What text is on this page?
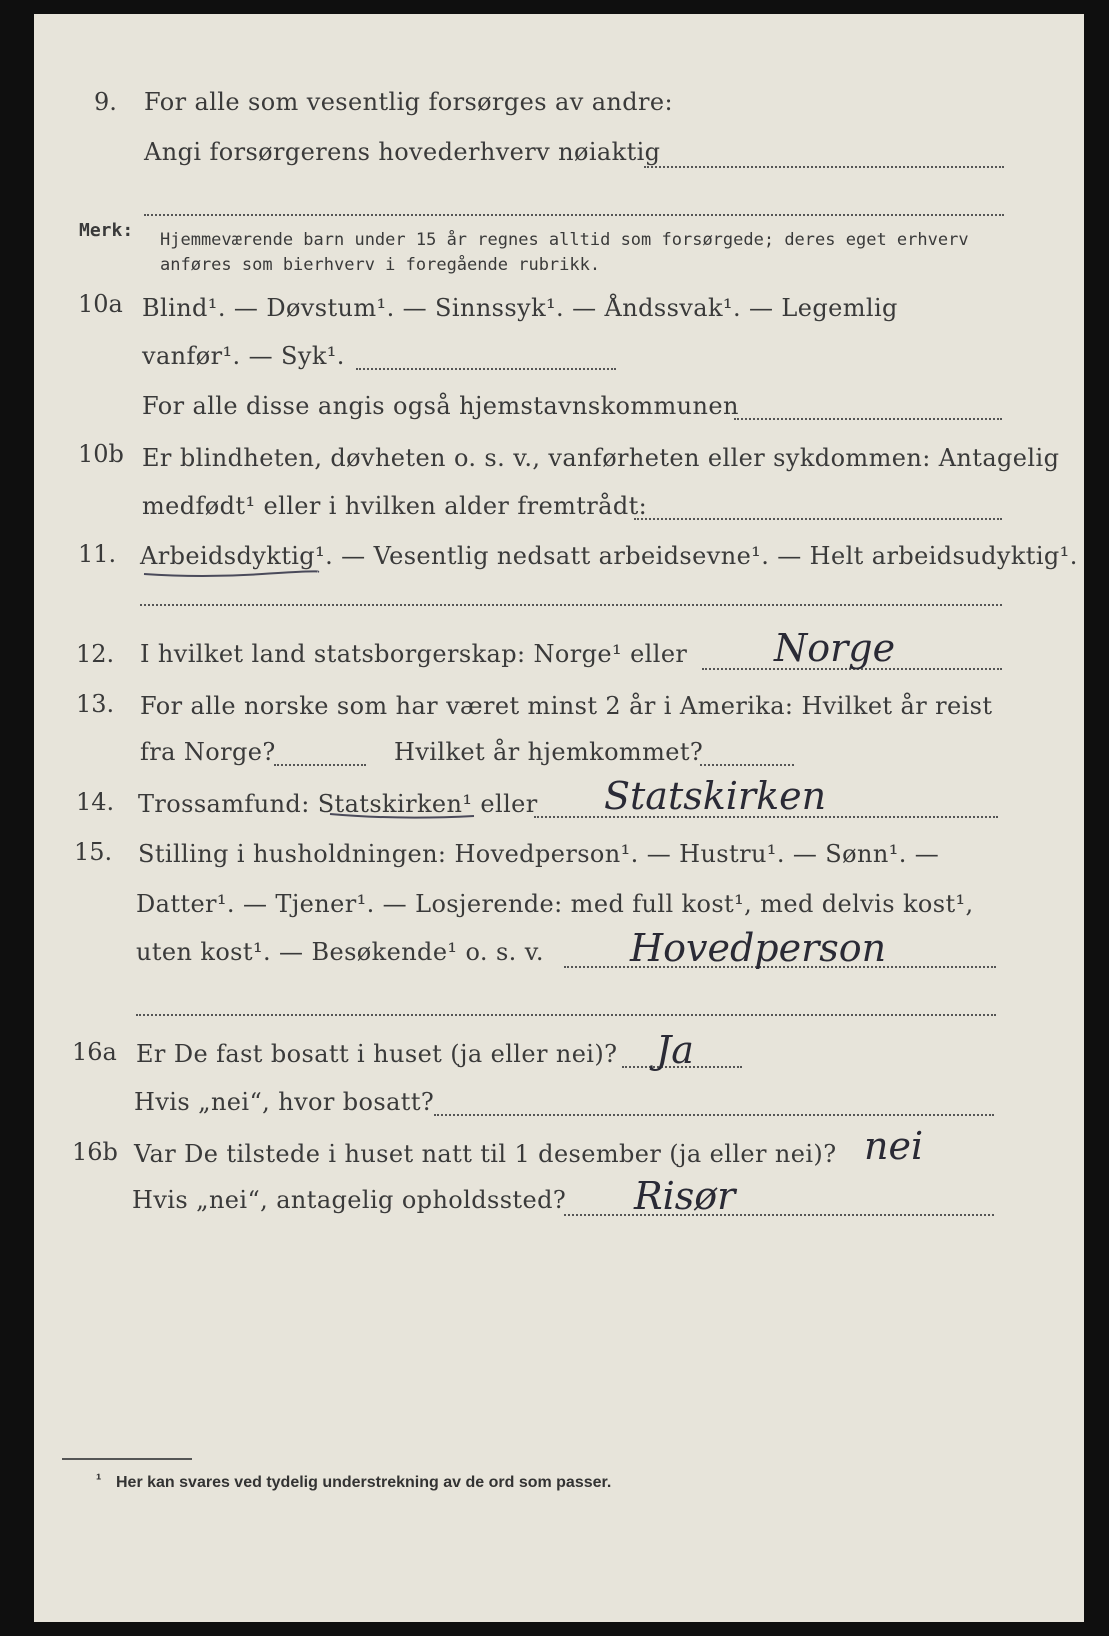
9. For alle som vesentlig forsørges av andre:
Angi forsørgerens hovederhverv nøiaktig
Merk: Hjemmeværende barn under 15 år regnes alltid som forsørgede; deres eget erhverv
anføres som bierhverv i foregående rubrikk.
10a Blind¹. — Døvstum¹. — Sinnssyk¹. — Åndssvak¹. — Legemlig
vanfør¹. — Syk¹.
For alle disse angis også hjemstavnskommunen
10b Er blindheten, døvheten o. s. v., vanførheten eller sykdommen: Antagelig
medfødt¹ eller i hvilken alder fremtrådt:
11. Arbeidsdyktig¹. — Vesentlig nedsatt arbeidsevne¹. — Helt arbeidsudyktig¹.
12. I hvilket land statsborgerskap: Norge¹ eller Norge
13. For alle norske som har været minst 2 år i Amerika: Hvilket år reist
fra Norge?	Hvilket år hjemkommet?
14. Trossamfund: Statskirken¹ eller Statskirken
15. Stilling i husholdningen: Hovedperson¹. — Hustru¹. — Sønn¹. —
Datter¹. — Tjener¹. — Losjerende: med full kost¹, med delvis kost¹,
uten kost¹. — Besøkende¹ o. s. v. Hovedperson
16a Er De fast bosatt i huset (ja eller nei)? Ja
Hvis „nei“, hvor bosatt?
16b Var De tilstede i huset natt til 1 desember (ja eller nei)? nei
Hvis „nei“, antagelig opholdssted? Risør
¹ Her kan svares ved tydelig understrekning av de ord som passer.
